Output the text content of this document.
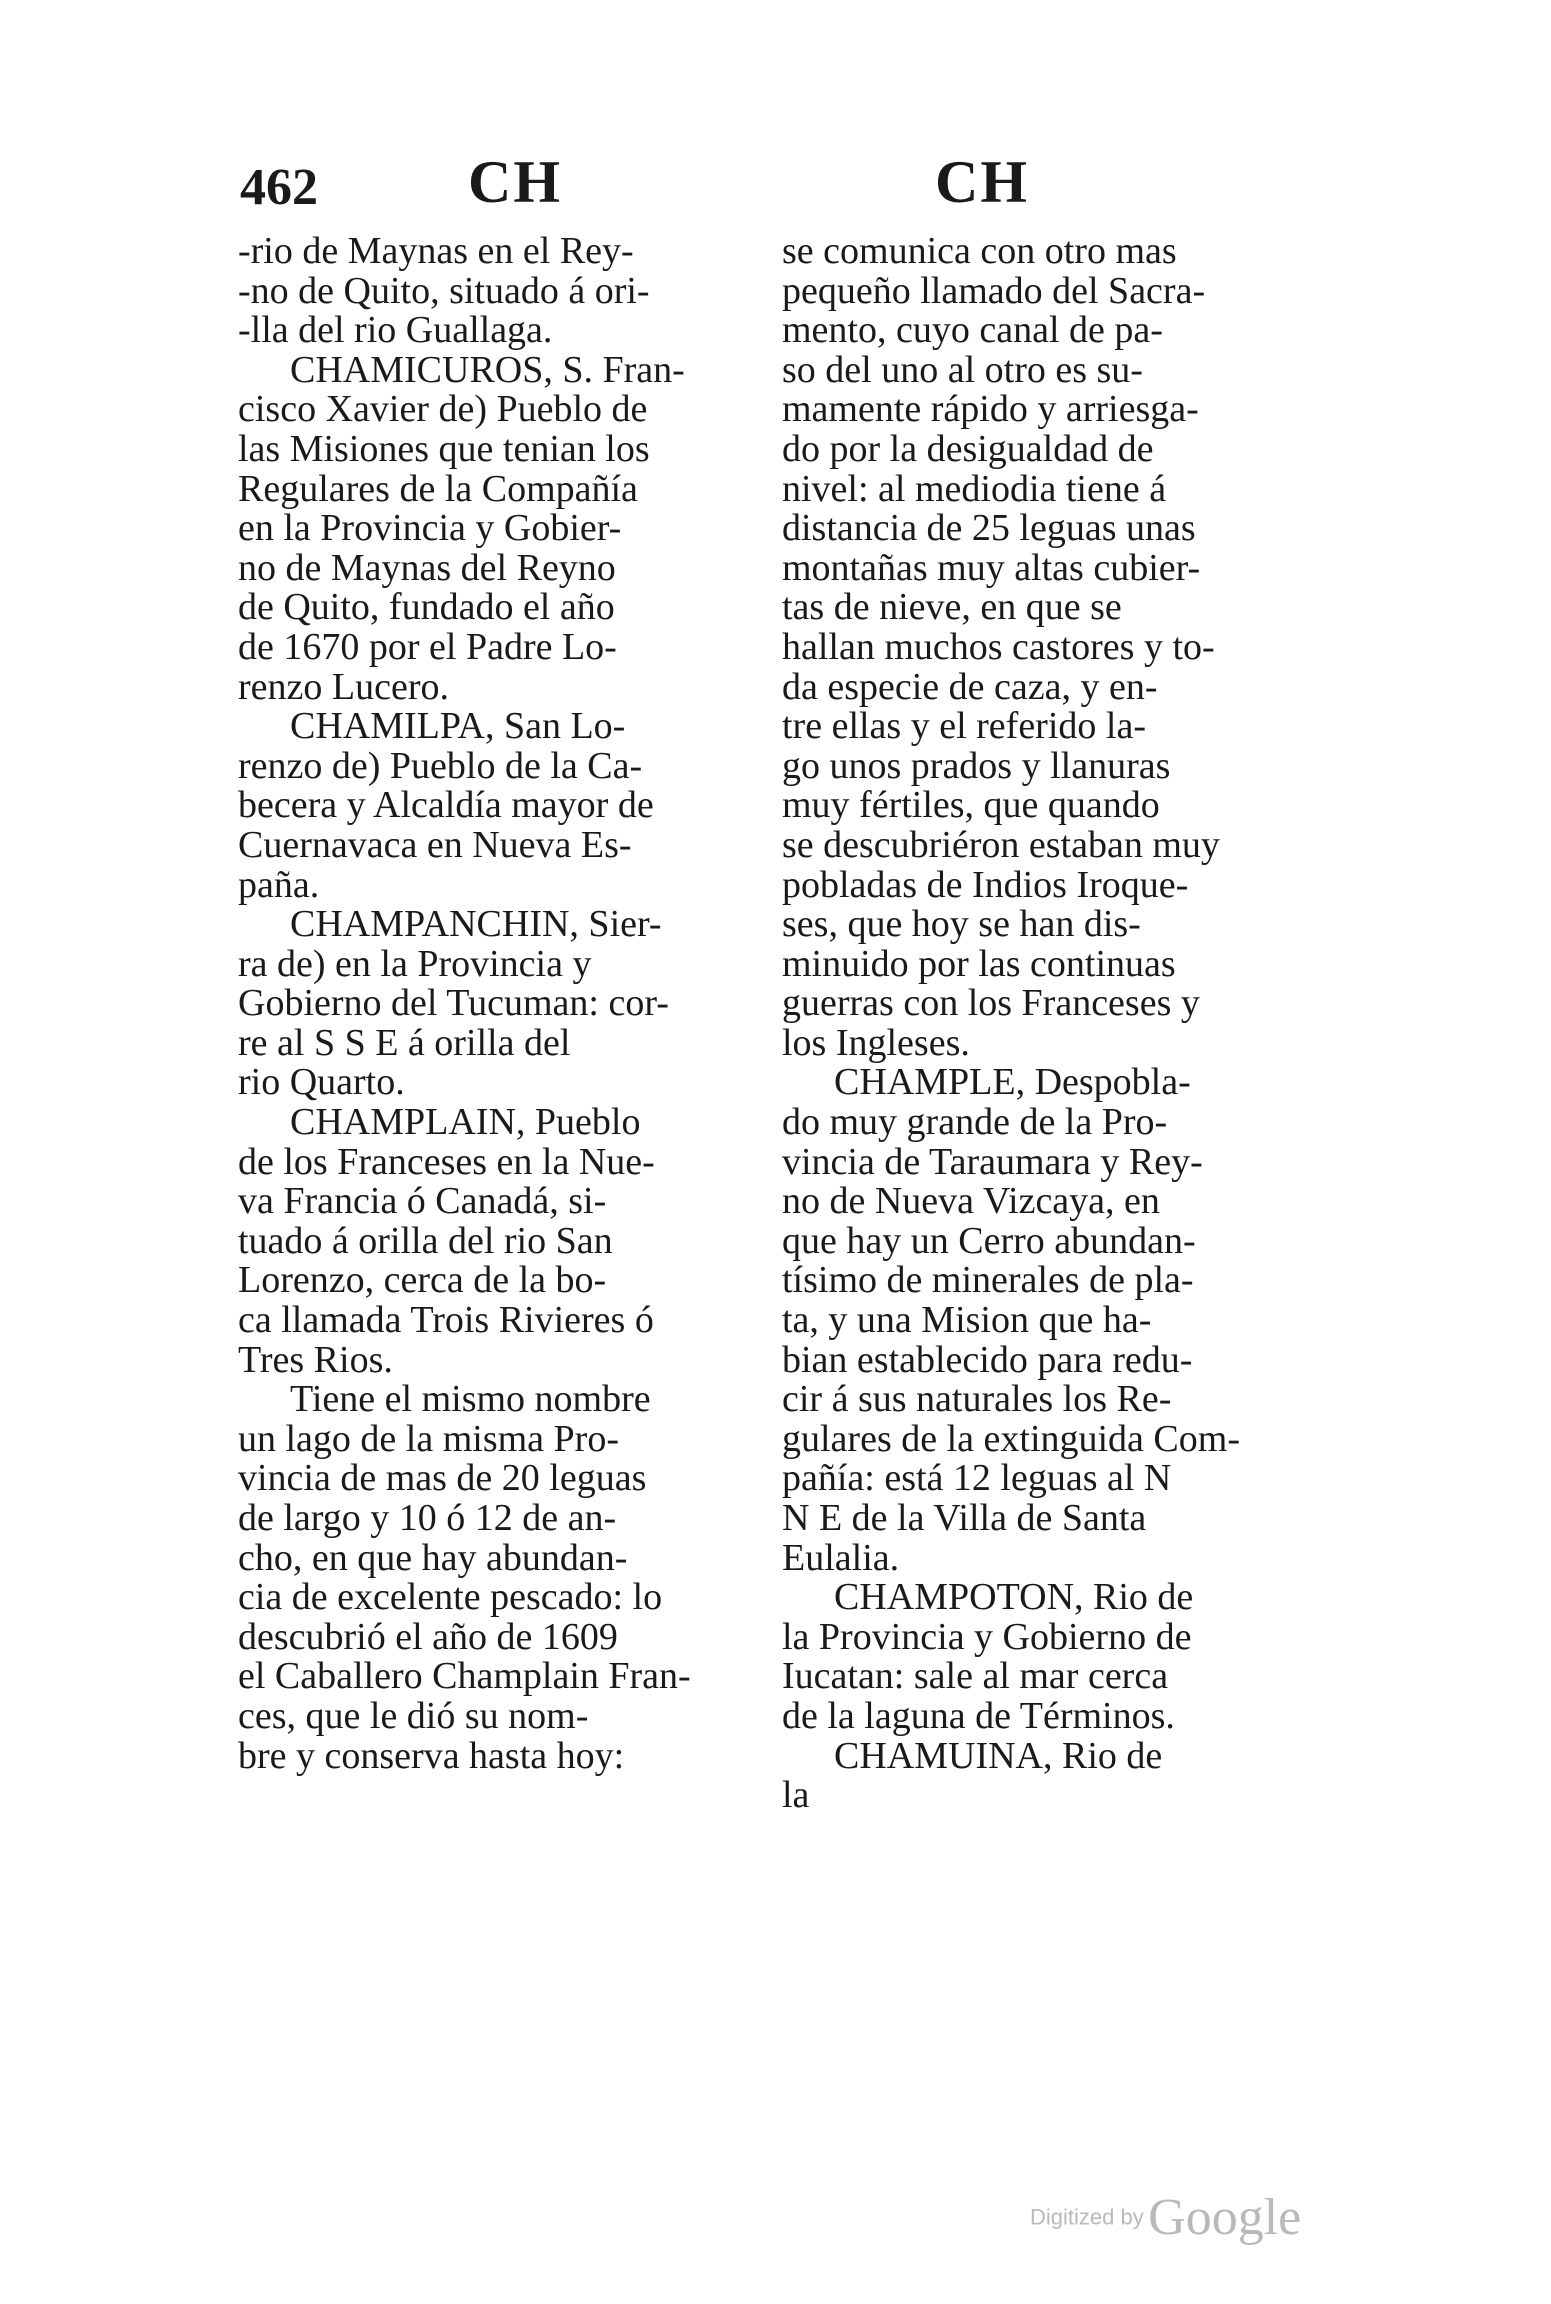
462	CH	CH
-rio de Maynas en el Rey-
-no de Quito, situado á ori-
-lla del rio Guallaga.
CHAMICUROS, S. Fran-
cisco Xavier de) Pueblo de
las Misiones que tenian los
Regulares de la Compañía
en la Provincia y Gobier-
no de Maynas del Reyno
de Quito, fundado el año
de 1670 por el Padre Lo-
renzo Lucero.
CHAMILPA, San Lo-
renzo de) Pueblo de la Ca-
becera y Alcaldía mayor de
Cuernavaca en Nueva Es-
paña.
CHAMPANCHIN, Sier-
ra de) en la Provincia y
Gobierno del Tucuman: cor-
re al S S E á orilla del
rio Quarto.
CHAMPLAIN, Pueblo
de los Franceses en la Nue-
va Francia ó Canadá, si-
tuado á orilla del rio San
Lorenzo, cerca de la bo-
ca llamada Trois Rivieres ó
Tres Rios.
Tiene el mismo nombre
un lago de la misma Pro-
vincia de mas de 20 leguas
de largo y 10 ó 12 de an-
cho, en que hay abundan-
cia de excelente pescado: lo
descubrió el año de 1609
el Caballero Champlain Fran-
ces, que le dió su nom-
bre y conserva hasta hoy:
se comunica con otro mas
pequeño llamado del Sacra-
mento, cuyo canal de pa-
so del uno al otro es su-
mamente rápido y arriesga-
do por la desigualdad de
nivel: al mediodia tiene á
distancia de 25 leguas unas
montañas muy altas cubier-
tas de nieve, en que se
hallan muchos castores y to-
da especie de caza, y en-
tre ellas y el referido la-
go unos prados y llanuras
muy fértiles, que quando
se descubriéron estaban muy
pobladas de Indios Iroque-
ses, que hoy se han dis-
minuido por las continuas
guerras con los Franceses y
los Ingleses.
CHAMPLE, Despobla-
do muy grande de la Pro-
vincia de Taraumara y Rey-
no de Nueva Vizcaya, en
que hay un Cerro abundan-
tísimo de minerales de pla-
ta, y una Mision que ha-
bian establecido para redu-
cir á sus naturales los Re-
gulares de la extinguida Com-
pañía: está 12 leguas al N
N E de la Villa de Santa
Eulalia.
CHAMPOTON, Rio de
la Provincia y Gobierno de
Iucatan: sale al mar cerca
de la laguna de Términos.
CHAMUINA, Rio de
la
Digitized by Google
